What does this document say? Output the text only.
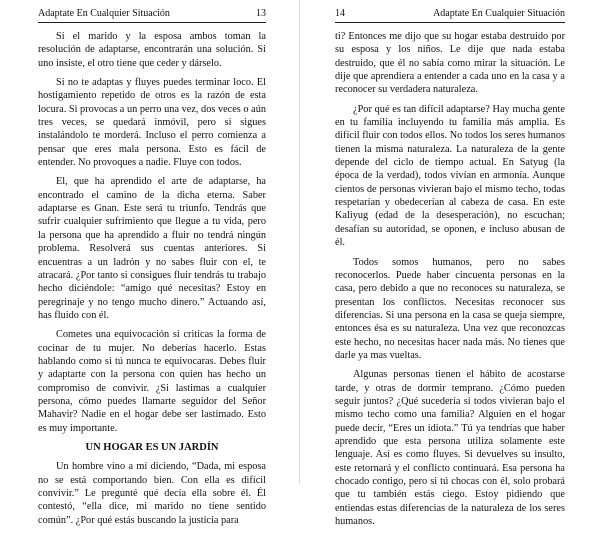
Adaptate En Cualquier Situación	13

Si el marido y la esposa ambos toman la resolución de adaptarse, encontrarán una solución. Si uno insiste, el otro tiene que ceder y dárselo.

Si no te adaptas y fluyes puedes terminar loco. El hostigamiento repetido de otros es la razón de esta locura. Si provocas a un perro una vez, dos veces o aún tres veces, se quedará inmóvil, pero si sigues instalándolo te morderá. Incluso el perro comienza a pensar que eres mala persona. Esto es fácil de entender. No provoques a nadie. Fluye con todos.

El, que ha aprendido el arte de adaptarse, ha encontrado el camino de la dicha eterna. Saber adaptarse es Gnan. Este será tu triunfo. Tendrás que sufrir cualquier sufrimiento que llegue a tu vida, pero la persona que ha aprendido a fluir no tendrá ningún problema. Resolverá sus cuentas anteriores. Si encuentras a un ladrón y no sabes fluir con el, te atracará. ¿Por tanto si consigues fluir tendrás tu trabajo hecho diciéndole: “amigo qué necesitas? Estoy en peregrinaje y no tengo mucho dinero.” Actuando así, has fluido con él.

Cometes una equivocación si criticas la forma de cocinar de tu mujer. No deberías hacerlo. Estas hablando como si tú nunca te equivocaras. Debes fluir y adaptarte con la persona con quien has hecho un compromiso de convivir. ¿Si lastimas a cualquier persona, cómo puedes llamarte seguidor del Señor Mahavir? Nadie en el hogar debe ser lastimado. Esto es muy importante.

UN HOGAR ES UN JARDÍN

Un hombre vino a mí diciendo, “Dada, mi esposa no se está comportando bien. Con ella es difícil convivir.” Le pregunté qué decía ella sobre él. Él contestó, “ella dice, mi marido no tiene sentido común”. ¿Por qué estás buscando la justicia para

14	Adaptate En Cualquier Situación

ti? Entonces me dijo que su hogar estaba destruido por su esposa y los niños. Le dije que nada estaba destruido, que él no sabía como mirar la situación. Le dije que aprendiera a entender a cada uno en la casa y a reconocer su verdadera naturaleza.

¿Por qué es tan difícil adaptarse? Hay mucha gente en tu familia incluyendo tu familia más amplia. Es difícil fluir con todos ellos. No todos los seres humanos tienen la misma naturaleza. La naturaleza de la gente depende del ciclo de tiempo actual. En Satyug (la época de la verdad), todos vivían en armonía. Aunque cientos de personas vivieran bajo el mismo techo, todas respetarían y obedecerían al cabeza de casa. En este Kaliyug (edad de la desesperación), no escuchan; desafían su autoridad, se oponen, e incluso abusan de él.

Todos somos humanos, pero no sabes reconocerlos. Puede haber cincuenta personas en la casa, pero debido a que no reconoces su naturaleza, se presentan los conflictos. Necesitas reconocer sus diferencias. Si una persona en la casa se queja siempre, entonces ésa es su naturaleza. Una vez que reconozcas este hecho, no necesitas hacer nada más. No tienes que darle ya mas vueltas.

Algunas personas tienen el hábito de acostarse tarde, y otras de dormir temprano. ¿Cómo pueden seguir juntos? ¿Qué sucedería si todos vivieran bajo el mismo techo como una familia? Alguien en el hogar puede decir, “Eres un idiota.” Tú ya tendrías que haber aprendido que esta persona utiliza solamente este lenguaje. Así es como fluyes. Si devuelves su insulto, este retornará y el conflicto continuará. Esa persona ha chocado contigo, pero si tú chocas con él, solo probará que tu también estás ciego. Estoy pidiendo que entiendas estas diferencias de la naturaleza de los seres humanos.
